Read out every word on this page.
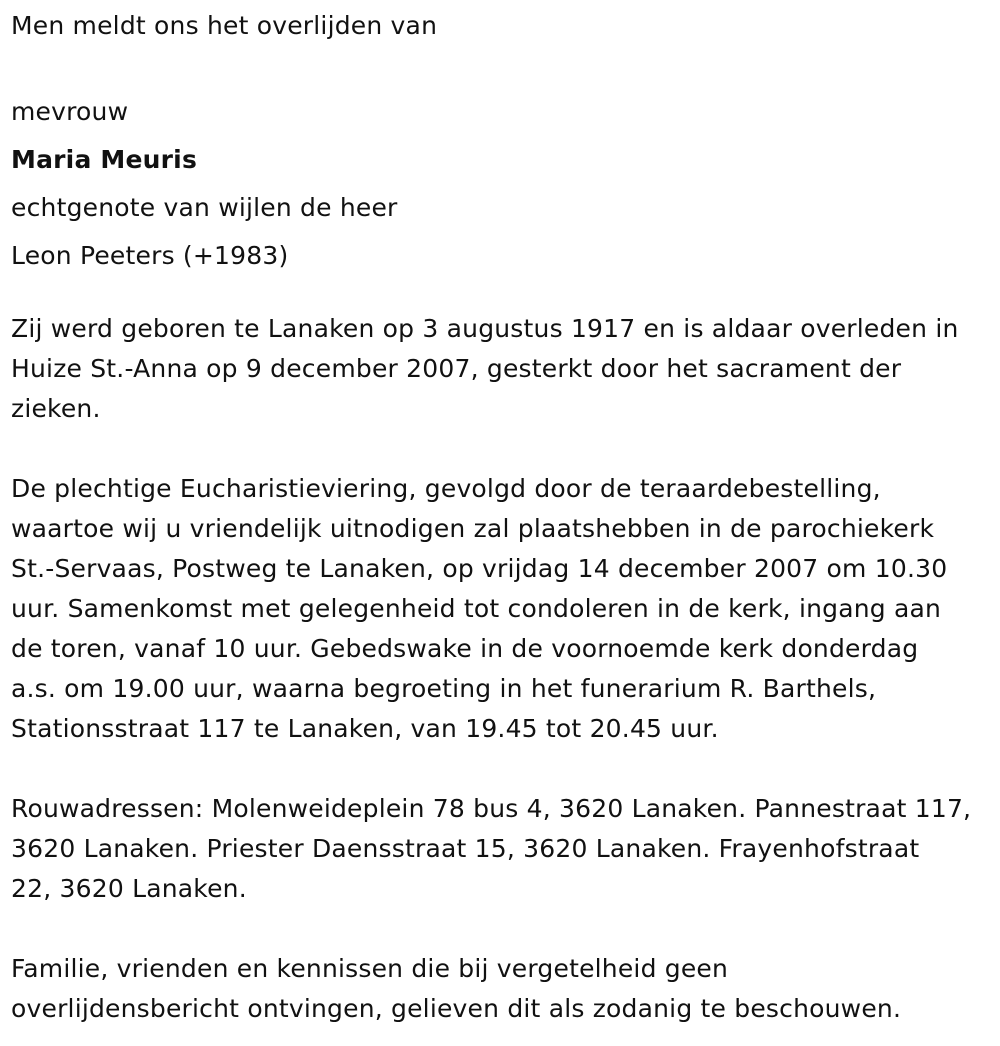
Men meldt ons het overlijden van
mevrouw
Maria Meuris
echtgenote van wijlen de heer
Leon Peeters (+1983)
Zij werd geboren te Lanaken op 3 augustus 1917 en is aldaar overleden in
Huize St.-Anna op 9 december 2007, gesterkt door het sacrament der
zieken.
De plechtige Eucharistieviering, gevolgd door de teraardebestelling,
waartoe wij u vriendelijk uitnodigen zal plaatshebben in de parochiekerk
St.-Servaas, Postweg te Lanaken, op vrijdag 14 december 2007 om 10.30
uur. Samenkomst met gelegenheid tot condoleren in de kerk, ingang aan
de toren, vanaf 10 uur. Gebedswake in de voornoemde kerk donderdag
a.s. om 19.00 uur, waarna begroeting in het funerarium R. Barthels,
Stationsstraat 117 te Lanaken, van 19.45 tot 20.45 uur.
Rouwadressen: Molenweideplein 78 bus 4, 3620 Lanaken. Pannestraat 117,
3620 Lanaken. Priester Daensstraat 15, 3620 Lanaken. Frayenhofstraat
22, 3620 Lanaken.
Familie, vrienden en kennissen die bij vergetelheid geen
overlijdensbericht ontvingen, gelieven dit als zodanig te beschouwen.
